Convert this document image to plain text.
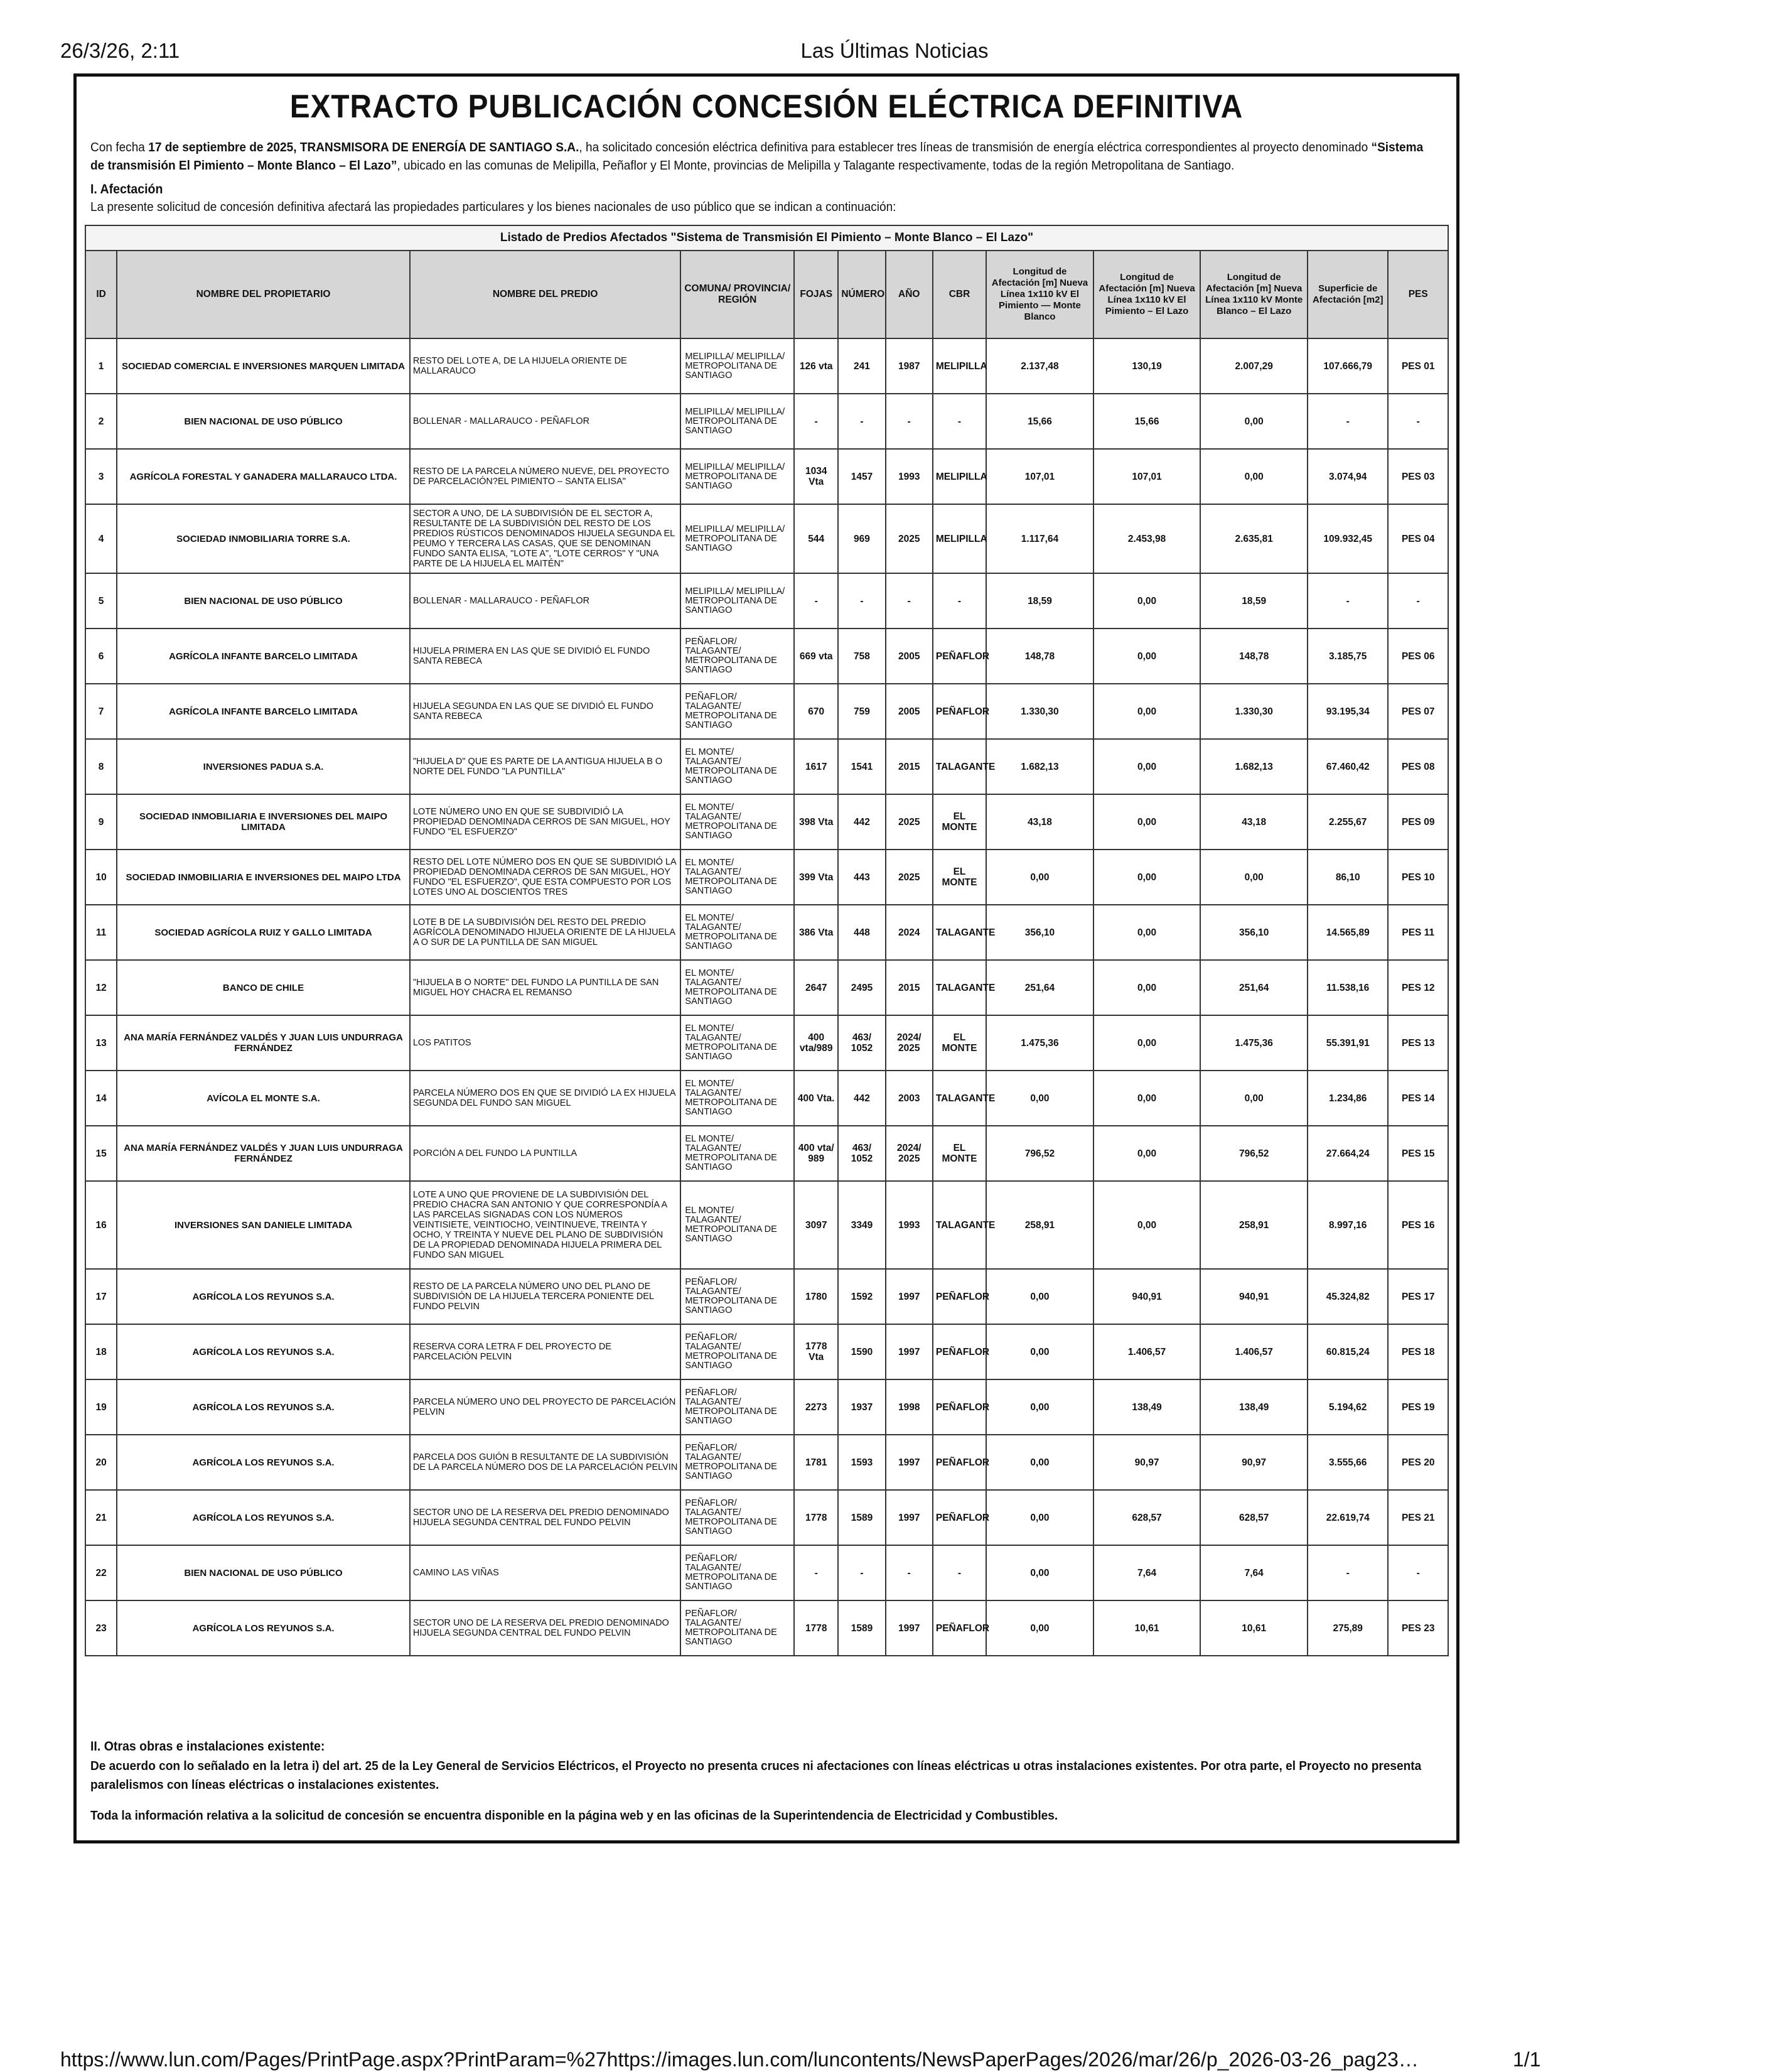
26/3/26, 2:11	Las Últimas Noticias
EXTRACTO PUBLICACIÓN CONCESIÓN ELÉCTRICA DEFINITIVA
Con fecha 17 de septiembre de 2025, TRANSMISORA DE ENERGÍA DE SANTIAGO S.A., ha solicitado concesión eléctrica definitiva para establecer tres líneas de transmisión de energía eléctrica correspondientes al proyecto denominado “Sistema de transmisión El Pimiento – Monte Blanco – El Lazo”, ubicado en las comunas de Melipilla, Peñaflor y El Monte, provincias de Melipilla y Talagante respectivamente, todas de la región Metropolitana de Santiago.
I. Afectación
La presente solicitud de concesión definitiva afectará las propiedades particulares y los bienes nacionales de uso público que se indican a continuación:
Listado de Predios Afectados "Sistema de Transmisión El Pimiento – Monte Blanco – El Lazo"												
ID	NOMBRE DEL PROPIETARIO	NOMBRE DEL PREDIO	COMUNA/ PROVINCIA/ REGIÓN	FOJAS	NÚMERO	AÑO	CBR	Longitud de Afectación [m] Nueva Línea 1x110 kV El Pimiento — Monte Blanco	Longitud de Afectación [m] Nueva Línea 1x110 kV El Pimiento – El Lazo	Longitud de Afectación [m] Nueva Línea 1x110 kV Monte Blanco – El Lazo	Superficie de Afectación [m2]	PES
1	SOCIEDAD COMERCIAL E INVERSIONES MARQUEN LIMITADA	RESTO DEL LOTE A, DE LA HIJUELA ORIENTE DE MALLARAUCO	MELIPILLA/ MELIPILLA/ METROPOLITANA DE SANTIAGO	126 vta	241	1987	MELIPILLA	2.137,48	130,19	2.007,29	107.666,79	PES 01
2	BIEN NACIONAL DE USO PÚBLICO	BOLLENAR - MALLARAUCO - PEÑAFLOR	MELIPILLA/ MELIPILLA/ METROPOLITANA DE SANTIAGO	-	-	-	-	15,66	15,66	0,00	-	-
3	AGRÍCOLA FORESTAL Y GANADERA MALLARAUCO LTDA.	RESTO DE LA PARCELA NÚMERO NUEVE, DEL PROYECTO DE PARCELACIÓN?EL PIMIENTO – SANTA ELISA"	MELIPILLA/ MELIPILLA/ METROPOLITANA DE SANTIAGO	1034 Vta	1457	1993	MELIPILLA	107,01	107,01	0,00	3.074,94	PES 03
4	SOCIEDAD INMOBILIARIA TORRE S.A.	SECTOR A UNO, DE LA SUBDIVISIÓN DE EL SECTOR A, RESULTANTE DE LA SUBDIVISIÓN DEL RESTO DE LOS PREDIOS RÚSTICOS DENOMINADOS HIJUELA SEGUNDA EL PEUMO Y TERCERA LAS CASAS, QUE SE DENOMINAN FUNDO SANTA ELISA, "LOTE A", "LOTE CERROS" Y "UNA PARTE DE LA HIJUELA EL MAITÉN"	MELIPILLA/ MELIPILLA/ METROPOLITANA DE SANTIAGO	544	969	2025	MELIPILLA	1.117,64	2.453,98	2.635,81	109.932,45	PES 04
5	BIEN NACIONAL DE USO PÚBLICO	BOLLENAR - MALLARAUCO - PEÑAFLOR	MELIPILLA/ MELIPILLA/ METROPOLITANA DE SANTIAGO	-	-	-	-	18,59	0,00	18,59	-	-
6	AGRÍCOLA INFANTE BARCELO LIMITADA	HIJUELA PRIMERA EN LAS QUE SE DIVIDIÓ EL FUNDO SANTA REBECA	PEÑAFLOR/ TALAGANTE/ METROPOLITANA DE SANTIAGO	669 vta	758	2005	PEÑAFLOR	148,78	0,00	148,78	3.185,75	PES 06
7	AGRÍCOLA INFANTE BARCELO LIMITADA	HIJUELA SEGUNDA EN LAS QUE SE DIVIDIÓ EL FUNDO SANTA REBECA	PEÑAFLOR/ TALAGANTE/ METROPOLITANA DE SANTIAGO	670	759	2005	PEÑAFLOR	1.330,30	0,00	1.330,30	93.195,34	PES 07
8	INVERSIONES PADUA S.A.	"HIJUELA D" QUE ES PARTE DE LA ANTIGUA HIJUELA B O NORTE DEL FUNDO "LA PUNTILLA"	EL MONTE/ TALAGANTE/ METROPOLITANA DE SANTIAGO	1617	1541	2015	TALAGANTE	1.682,13	0,00	1.682,13	67.460,42	PES 08
9	SOCIEDAD INMOBILIARIA E INVERSIONES DEL MAIPO LIMITADA	LOTE NÚMERO UNO EN QUE SE SUBDIVIDIÓ LA PROPIEDAD DENOMINADA CERROS DE SAN MIGUEL, HOY FUNDO "EL ESFUERZO"	EL MONTE/ TALAGANTE/ METROPOLITANA DE SANTIAGO	398 Vta	442	2025	EL MONTE	43,18	0,00	43,18	2.255,67	PES 09
10	SOCIEDAD INMOBILIARIA E INVERSIONES DEL MAIPO LTDA	RESTO DEL LOTE NÚMERO DOS EN QUE SE SUBDIVIDIÓ LA PROPIEDAD DENOMINADA CERROS DE SAN MIGUEL, HOY FUNDO "EL ESFUERZO", QUE ESTA COMPUESTO POR LOS LOTES UNO AL DOSCIENTOS TRES	EL MONTE/ TALAGANTE/ METROPOLITANA DE SANTIAGO	399 Vta	443	2025	EL MONTE	0,00	0,00	0,00	86,10	PES 10
11	SOCIEDAD AGRÍCOLA RUIZ Y GALLO LIMITADA	LOTE B DE LA SUBDIVISIÓN DEL RESTO DEL PREDIO AGRÍCOLA DENOMINADO HIJUELA ORIENTE DE LA HIJUELA A O SUR DE LA PUNTILLA DE SAN MIGUEL	EL MONTE/ TALAGANTE/ METROPOLITANA DE SANTIAGO	386 Vta	448	2024	TALAGANTE	356,10	0,00	356,10	14.565,89	PES 11
12	BANCO DE CHILE	"HIJUELA B O NORTE" DEL FUNDO LA PUNTILLA DE SAN MIGUEL HOY CHACRA EL REMANSO	EL MONTE/ TALAGANTE/ METROPOLITANA DE SANTIAGO	2647	2495	2015	TALAGANTE	251,64	0,00	251,64	11.538,16	PES 12
13	ANA MARÍA FERNÁNDEZ VALDÉS Y JUAN LUIS UNDURRAGA FERNÁNDEZ	LOS PATITOS	EL MONTE/ TALAGANTE/ METROPOLITANA DE SANTIAGO	400 vta/989	463/ 1052	2024/ 2025	EL MONTE	1.475,36	0,00	1.475,36	55.391,91	PES 13
14	AVÍCOLA EL MONTE S.A.	PARCELA NÚMERO DOS EN QUE SE DIVIDIÓ LA EX HIJUELA SEGUNDA DEL FUNDO SAN MIGUEL	EL MONTE/ TALAGANTE/ METROPOLITANA DE SANTIAGO	400 Vta.	442	2003	TALAGANTE	0,00	0,00	0,00	1.234,86	PES 14
15	ANA MARÍA FERNÁNDEZ VALDÉS Y JUAN LUIS UNDURRAGA FERNÁNDEZ	PORCIÓN A DEL FUNDO LA PUNTILLA	EL MONTE/ TALAGANTE/ METROPOLITANA DE SANTIAGO	400 vta/ 989	463/ 1052	2024/ 2025	EL MONTE	796,52	0,00	796,52	27.664,24	PES 15
16	INVERSIONES SAN DANIELE LIMITADA	LOTE A UNO QUE PROVIENE DE LA SUBDIVISIÓN DEL PREDIO CHACRA SAN ANTONIO Y QUE CORRESPONDÍA A LAS PARCELAS SIGNADAS CON LOS NÚMEROS VEINTISIETE, VEINTIOCHO, VEINTINUEVE, TREINTA Y OCHO, Y TREINTA Y NUEVE DEL PLANO DE SUBDIVISIÓN DE LA PROPIEDAD DENOMINADA HIJUELA PRIMERA DEL FUNDO SAN MIGUEL	EL MONTE/ TALAGANTE/ METROPOLITANA DE SANTIAGO	3097	3349	1993	TALAGANTE	258,91	0,00	258,91	8.997,16	PES 16
17	AGRÍCOLA LOS REYUNOS S.A.	RESTO DE LA PARCELA NÚMERO UNO DEL PLANO DE SUBDIVISIÓN DE LA HIJUELA TERCERA PONIENTE DEL FUNDO PELVIN	PEÑAFLOR/ TALAGANTE/ METROPOLITANA DE SANTIAGO	1780	1592	1997	PEÑAFLOR	0,00	940,91	940,91	45.324,82	PES 17
18	AGRÍCOLA LOS REYUNOS S.A.	RESERVA CORA LETRA F DEL PROYECTO DE PARCELACIÓN PELVIN	PEÑAFLOR/ TALAGANTE/ METROPOLITANA DE SANTIAGO	1778 Vta	1590	1997	PEÑAFLOR	0,00	1.406,57	1.406,57	60.815,24	PES 18
19	AGRÍCOLA LOS REYUNOS S.A.	PARCELA NÚMERO UNO DEL PROYECTO DE PARCELACIÓN PELVIN	PEÑAFLOR/ TALAGANTE/ METROPOLITANA DE SANTIAGO	2273	1937	1998	PEÑAFLOR	0,00	138,49	138,49	5.194,62	PES 19
20	AGRÍCOLA LOS REYUNOS S.A.	PARCELA DOS GUIÓN B RESULTANTE DE LA SUBDIVISIÓN DE LA PARCELA NÚMERO DOS DE LA PARCELACIÓN PELVIN	PEÑAFLOR/ TALAGANTE/ METROPOLITANA DE SANTIAGO	1781	1593	1997	PEÑAFLOR	0,00	90,97	90,97	3.555,66	PES 20
21	AGRÍCOLA LOS REYUNOS S.A.	SECTOR UNO DE LA RESERVA DEL PREDIO DENOMINADO HIJUELA SEGUNDA CENTRAL DEL FUNDO PELVIN	PEÑAFLOR/ TALAGANTE/ METROPOLITANA DE SANTIAGO	1778	1589	1997	PEÑAFLOR	0,00	628,57	628,57	22.619,74	PES 21
22	BIEN NACIONAL DE USO PÚBLICO	CAMINO LAS VIÑAS	PEÑAFLOR/ TALAGANTE/ METROPOLITANA DE SANTIAGO	-	-	-	-	0,00	7,64	7,64	-	-
23	AGRÍCOLA LOS REYUNOS S.A.	SECTOR UNO DE LA RESERVA DEL PREDIO DENOMINADO HIJUELA SEGUNDA CENTRAL DEL FUNDO PELVIN	PEÑAFLOR/ TALAGANTE/ METROPOLITANA DE SANTIAGO	1778	1589	1997	PEÑAFLOR	0,00	10,61	10,61	275,89	PES 23
II. Otras obras e instalaciones existente:
De acuerdo con lo señalado en la letra i) del art. 25 de la Ley General de Servicios Eléctricos, el Proyecto no presenta cruces ni afectaciones con líneas eléctricas u otras instalaciones existentes. Por otra parte, el Proyecto no presenta paralelismos con líneas eléctricas o instalaciones existentes.
Toda la información relativa a la solicitud de concesión se encuentra disponible en la página web y en las oficinas de la Superintendencia de Electricidad y Combustibles.
https://www.lun.com/Pages/PrintPage.aspx?PrintParam=%27https://images.lun.com/luncontents/NewsPaperPages/2026/mar/26/p_2026-03-26_pag23…	1/1
